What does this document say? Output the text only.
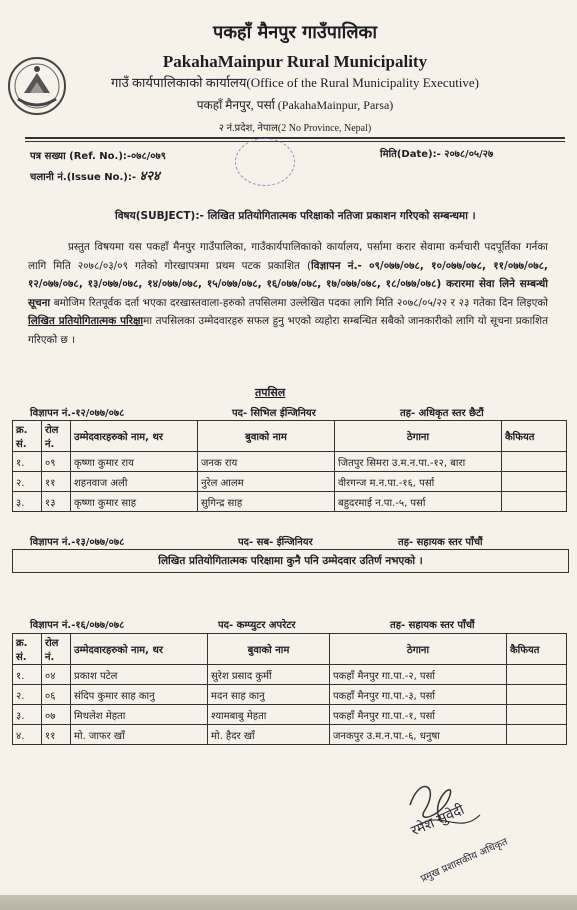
पकहाँ मैनपुर गाउँपालिका
PakahaMainpur Rural Municipality
गाउँ कार्यपालिकाको कार्यालय(Office of the Rural Municipality Executive)
पकहाँ मैनपुर, पर्सा (PakahaMainpur, Parsa)
२ नं.प्रदेश, नेपाल(2 No Province, Nepal)
पत्र सख्या (Ref. No.):-०७८/०७९
चलानी नं.(Issue No.):- ४२४
मिति(Date):- २०७८/०५/२७
विषय(SUBJECT):- लिखित प्रतियोगितात्मक परिक्षाको नतिजा प्रकाशन गरिएको सम्बन्धमा ।
प्रस्तुत विषयमा यस पकहाँ मैनपुर गाउँपालिका, गाउँकार्यपालिकाको कार्यालय, पर्सामा करार सेवामा कर्मचारी पदपूर्तिका गर्नका लागि मिति २०७८/०३/०९ गतेको गोरखापत्रमा प्रथम पटक प्रकाशित (विज्ञापन नं.- ०९/०७७/०७८, १०/०७७/०७८, ११/०७७/०७८, १२/०७७/०७८, १३/०७७/०७८, १४/०७७/०७८, १५/०७७/०७८, १६/०७७/०७८, १७/०७७/०७८, १८/०७७/०७८) करारमा सेवा लिने सम्बन्धी सूचना बमोजिम रितपूर्वक दर्ता भएका दरखास्तवाला-हरुको तपसिलमा उल्लेखित पदका लागि मिति २०७८/०५/२२ र २३ गतेका दिन लिइएको लिखित प्रतियोगितात्मक परिक्षामा तपसिलका उम्मेदवारहरु सफल हुनु भएको व्यहोरा सम्बन्धित सबैको जानकारीको लागि यो सूचना प्रकाशित गरिएको छ ।
तपसिल
विज्ञापन नं.-१२/०७७/०७८	पद- सिभिल ईन्जिनियर	तह- अधिकृत स्तर छैटौं
क्र. सं.	रोल नं.	उम्मेदवारहरुको नाम, थर	बुवाको नाम	ठेगाना	कैफियत
१.	०९	कृष्णा कुमार राय	जनक राय	जितपुर सिमरा उ.म.न.पा.-१२, बारा	
२.	११	शहनवाज अली	नुरेल आलम	वीरगन्ज म.न.पा.-१६, पर्सा	
३.	१३	कृष्णा कुमार साह	सुगिन्द्र साह	बहुदरमाई न.पा.-५, पर्सा	
विज्ञापन नं.-१३/०७७/०७८	पद- सब- ईन्जिनियर	तह- सहायक स्तर पाँचौं
लिखित प्रतियोगितात्मक परिक्षामा कुनै पनि उम्मेदवार उतिर्ण नभएको ।
विज्ञापन नं.-१६/०७७/०७८	पद- कम्प्युटर अपरेटर	तह- सहायक स्तर पाँचौं
क्र. सं.	रोल नं.	उम्मेदवारहरुको नाम, थर	बुवाको नाम	ठेगाना	कैफियत
१.	०४	प्रकाश पटेल	सुरेश प्रसाद कुर्मी	पकहाँ मैनपुर गा.पा.-२, पर्सा	
२.	०६	संदिप कुमार साह कानु	मदन साह कानु	पकहाँ मैनपुर गा.पा.-३, पर्सा	
३.	०७	मिथलेश मेहता	श्यामबाबु मेहता	पकहाँ मैनपुर गा.पा.-१, पर्सा	
४.	११	मो. जाफर खाँ	मो. हैदर खाँ	जनकपुर उ.म.न.पा.-६, धनुषा	
रमेश सुवेदी
प्रमुख प्रशासकीय अधिकृत
